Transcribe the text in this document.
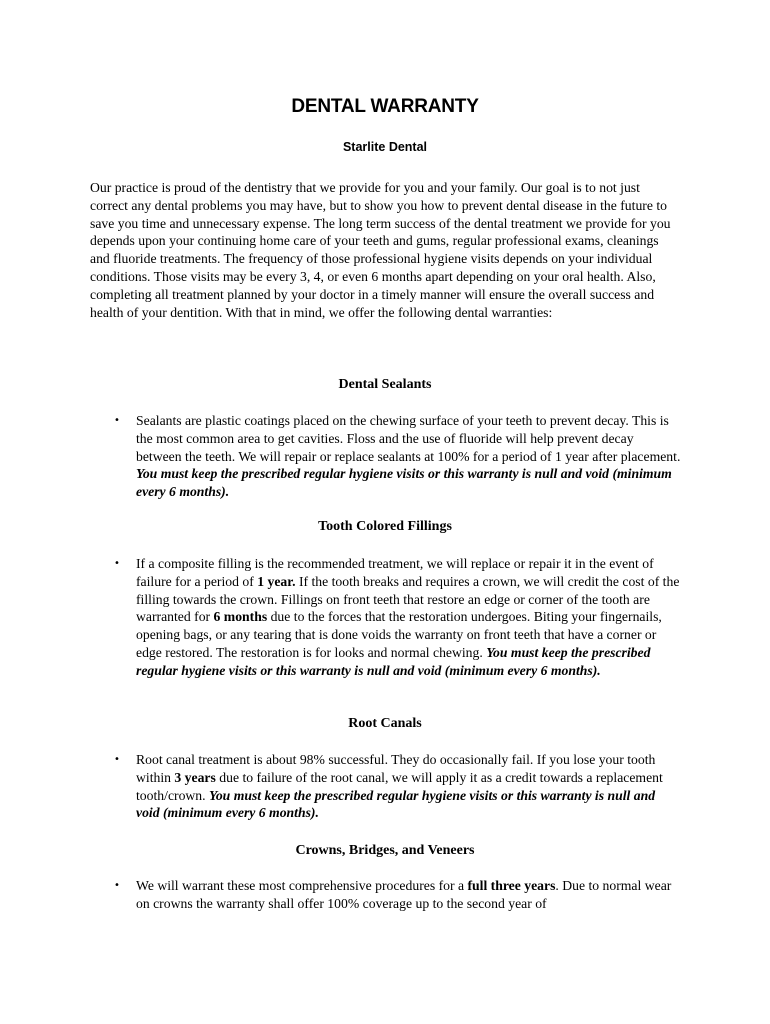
DENTAL WARRANTY
Starlite Dental

Our practice is proud of the dentistry that we provide for you and your family. Our goal is to not just correct any dental problems you may have, but to show you how to prevent dental disease in the future to save you time and unnecessary expense. The long term success of the dental treatment we provide for you depends upon your continuing home care of your teeth and gums, regular professional exams, cleanings and fluoride treatments. The frequency of those professional hygiene visits depends on your individual conditions. Those visits may be every 3, 4, or even 6 months apart depending on your oral health. Also, completing all treatment planned by your doctor in a timely manner will ensure the overall success and health of your dentition. With that in mind, we offer the following dental warranties:

Dental Sealants
• Sealants are plastic coatings placed on the chewing surface of your teeth to prevent decay. This is the most common area to get cavities. Floss and the use of fluoride will help prevent decay between the teeth. We will repair or replace sealants at 100% for a period of 1 year after placement. You must keep the prescribed regular hygiene visits or this warranty is null and void (minimum every 6 months).

Tooth Colored Fillings
• If a composite filling is the recommended treatment, we will replace or repair it in the event of failure for a period of 1 year. If the tooth breaks and requires a crown, we will credit the cost of the filling towards the crown. Fillings on front teeth that restore an edge or corner of the tooth are warranted for 6 months due to the forces that the restoration undergoes. Biting your fingernails, opening bags, or any tearing that is done voids the warranty on front teeth that have a corner or edge restored. The restoration is for looks and normal chewing. You must keep the prescribed regular hygiene visits or this warranty is null and void (minimum every 6 months).

Root Canals
• Root canal treatment is about 98% successful. They do occasionally fail. If you lose your tooth within 3 years due to failure of the root canal, we will apply it as a credit towards a replacement tooth/crown. You must keep the prescribed regular hygiene visits or this warranty is null and void (minimum every 6 months).

Crowns, Bridges, and Veneers
• We will warrant these most comprehensive procedures for a full three years. Due to normal wear on crowns the warranty shall offer 100% coverage up to the second year of
